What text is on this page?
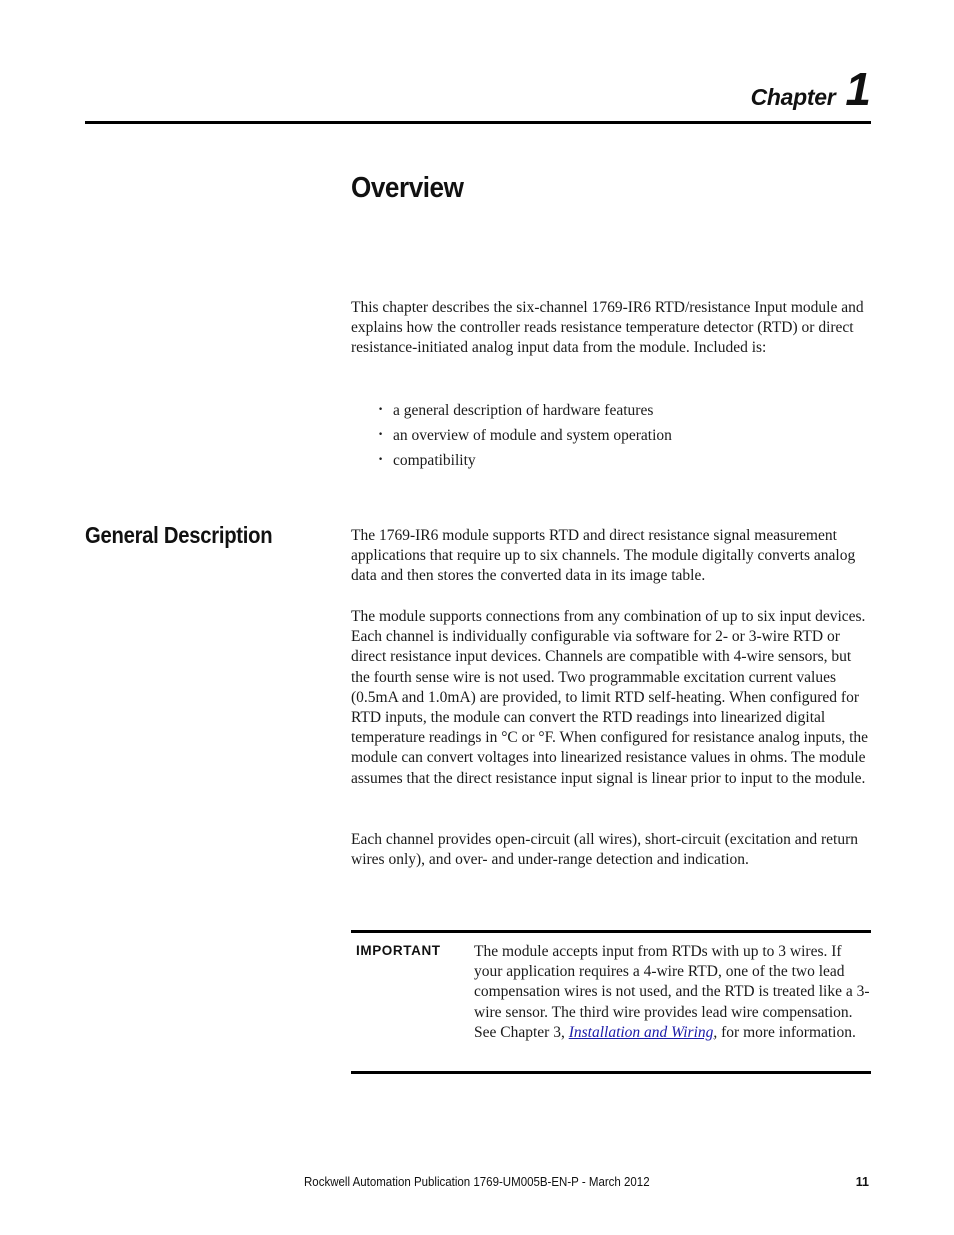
Chapter 1
Overview

This chapter describes the six-channel 1769-IR6 RTD/resistance Input module and explains how the controller reads resistance temperature detector (RTD) or direct resistance-initiated analog input data from the module. Included is:

· a general description of hardware features
· an overview of module and system operation
· compatibility
General Description	The 1769-IR6 module supports RTD and direct resistance signal measurement applications that require up to six channels. The module digitally converts analog data and then stores the converted data in its image table.

The module supports connections from any combination of up to six input devices. Each channel is individually configurable via software for 2- or 3-wire RTD or direct resistance input devices. Channels are compatible with 4-wire sensors, but the fourth sense wire is not used. Two programmable excitation current values (0.5mA and 1.0mA) are provided, to limit RTD self-heating. When configured for RTD inputs, the module can convert the RTD readings into linearized digital temperature readings in °C or °F. When configured for resistance analog inputs, the module can convert voltages into linearized resistance values in ohms. The module assumes that the direct resistance input signal is linear prior to input to the module.

Each channel provides open-circuit (all wires), short-circuit (excitation and return wires only), and over- and under-range detection and indication.

IMPORTANT The module accepts input from RTDs with up to 3 wires. If your application requires a 4-wire RTD, one of the two lead compensation wires is not used, and the RTD is treated like a 3-wire sensor. The third wire provides lead wire compensation. See Chapter 3, Installation and Wiring, for more information.

Rockwell Automation Publication 1769-UM005B-EN-P - March 2012	11
